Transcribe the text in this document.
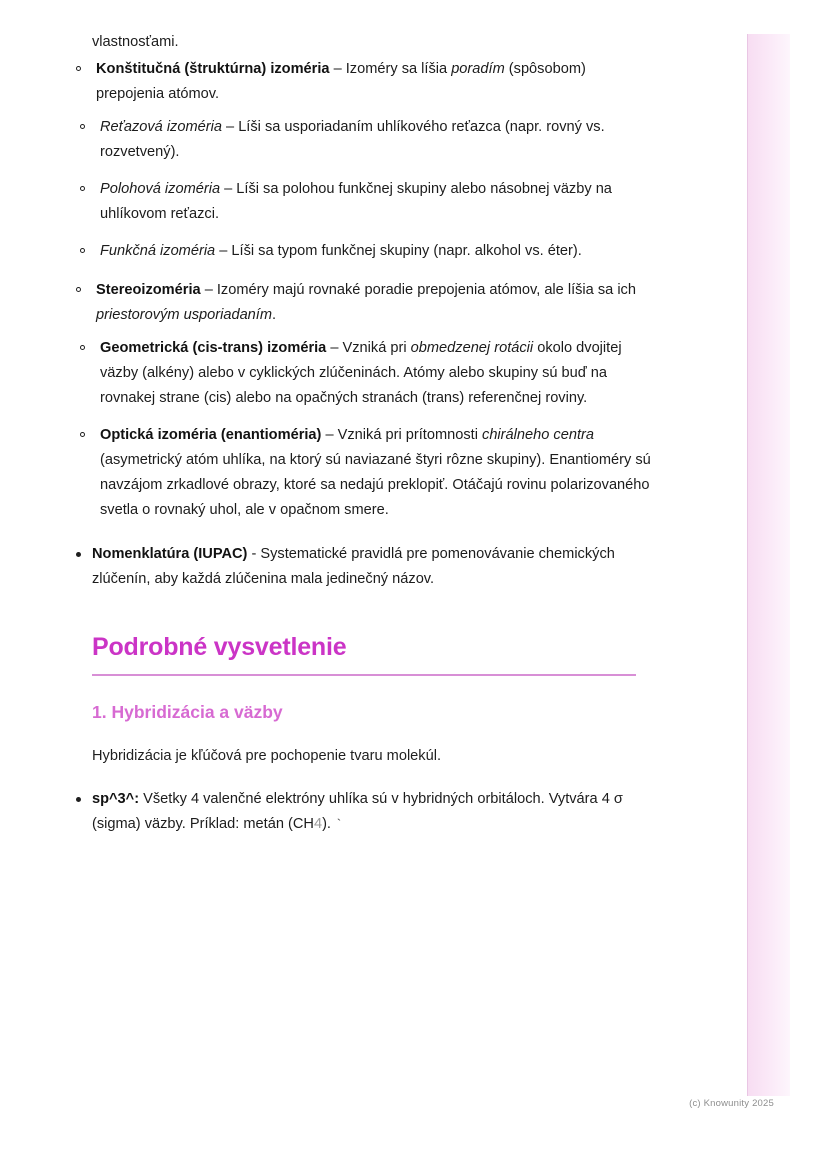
vlastnosťami.
Konštitučná (štruktúrna) izoméria – Izoméry sa líšia poradím (spôsobom) prepojenia atómov.
Reťazová izoméria – Líši sa usporiadaním uhlíkového reťazca (napr. rovný vs. rozvetvený).
Polohová izoméria – Líši sa polohou funkčnej skupiny alebo násobnej väzby na uhlíkovom reťazci.
Funkčná izoméria – Líši sa typom funkčnej skupiny (napr. alkohol vs. éter).
Stereoizoméria – Izoméry majú rovnaké poradie prepojenia atómov, ale líšia sa ich priestorovým usporiadaním.
Geometrická (cis-trans) izoméria – Vzniká pri obmedzenej rotácii okolo dvojitej väzby (alkény) alebo v cyklických zlúčeninách. Atómy alebo skupiny sú buď na rovnakej strane (cis) alebo na opačných stranách (trans) referenčnej roviny.
Optická izoméria (enantioméria) – Vzniká pri prítomnosti chirálneho centra (asymetrický atóm uhlíka, na ktorý sú naviazané štyri rôzne skupiny). Enantioméry sú navzájom zrkadlové obrazy, ktoré sa nedajú preklopiť. Otáčajú rovinu polarizovaného svetla o rovnaký uhol, ale v opačnom smere.
Nomenklatúra (IUPAC) - Systematické pravidlá pre pomenovávanie chemických zlúčenín, aby každá zlúčenina mala jedinečný názov.
Podrobné vysvetlenie
1. Hybridizácia a väzby

Hybridizácia je kľúčová pre pochopenie tvaru molekúl.

sp^3^: Všetky 4 valenčné elektróny uhlíka sú v hybridných orbitáloch. Vytvára 4 σ (sigma) väzby. Príklad: metán (CH4). `
(c) Knowunity 2025
